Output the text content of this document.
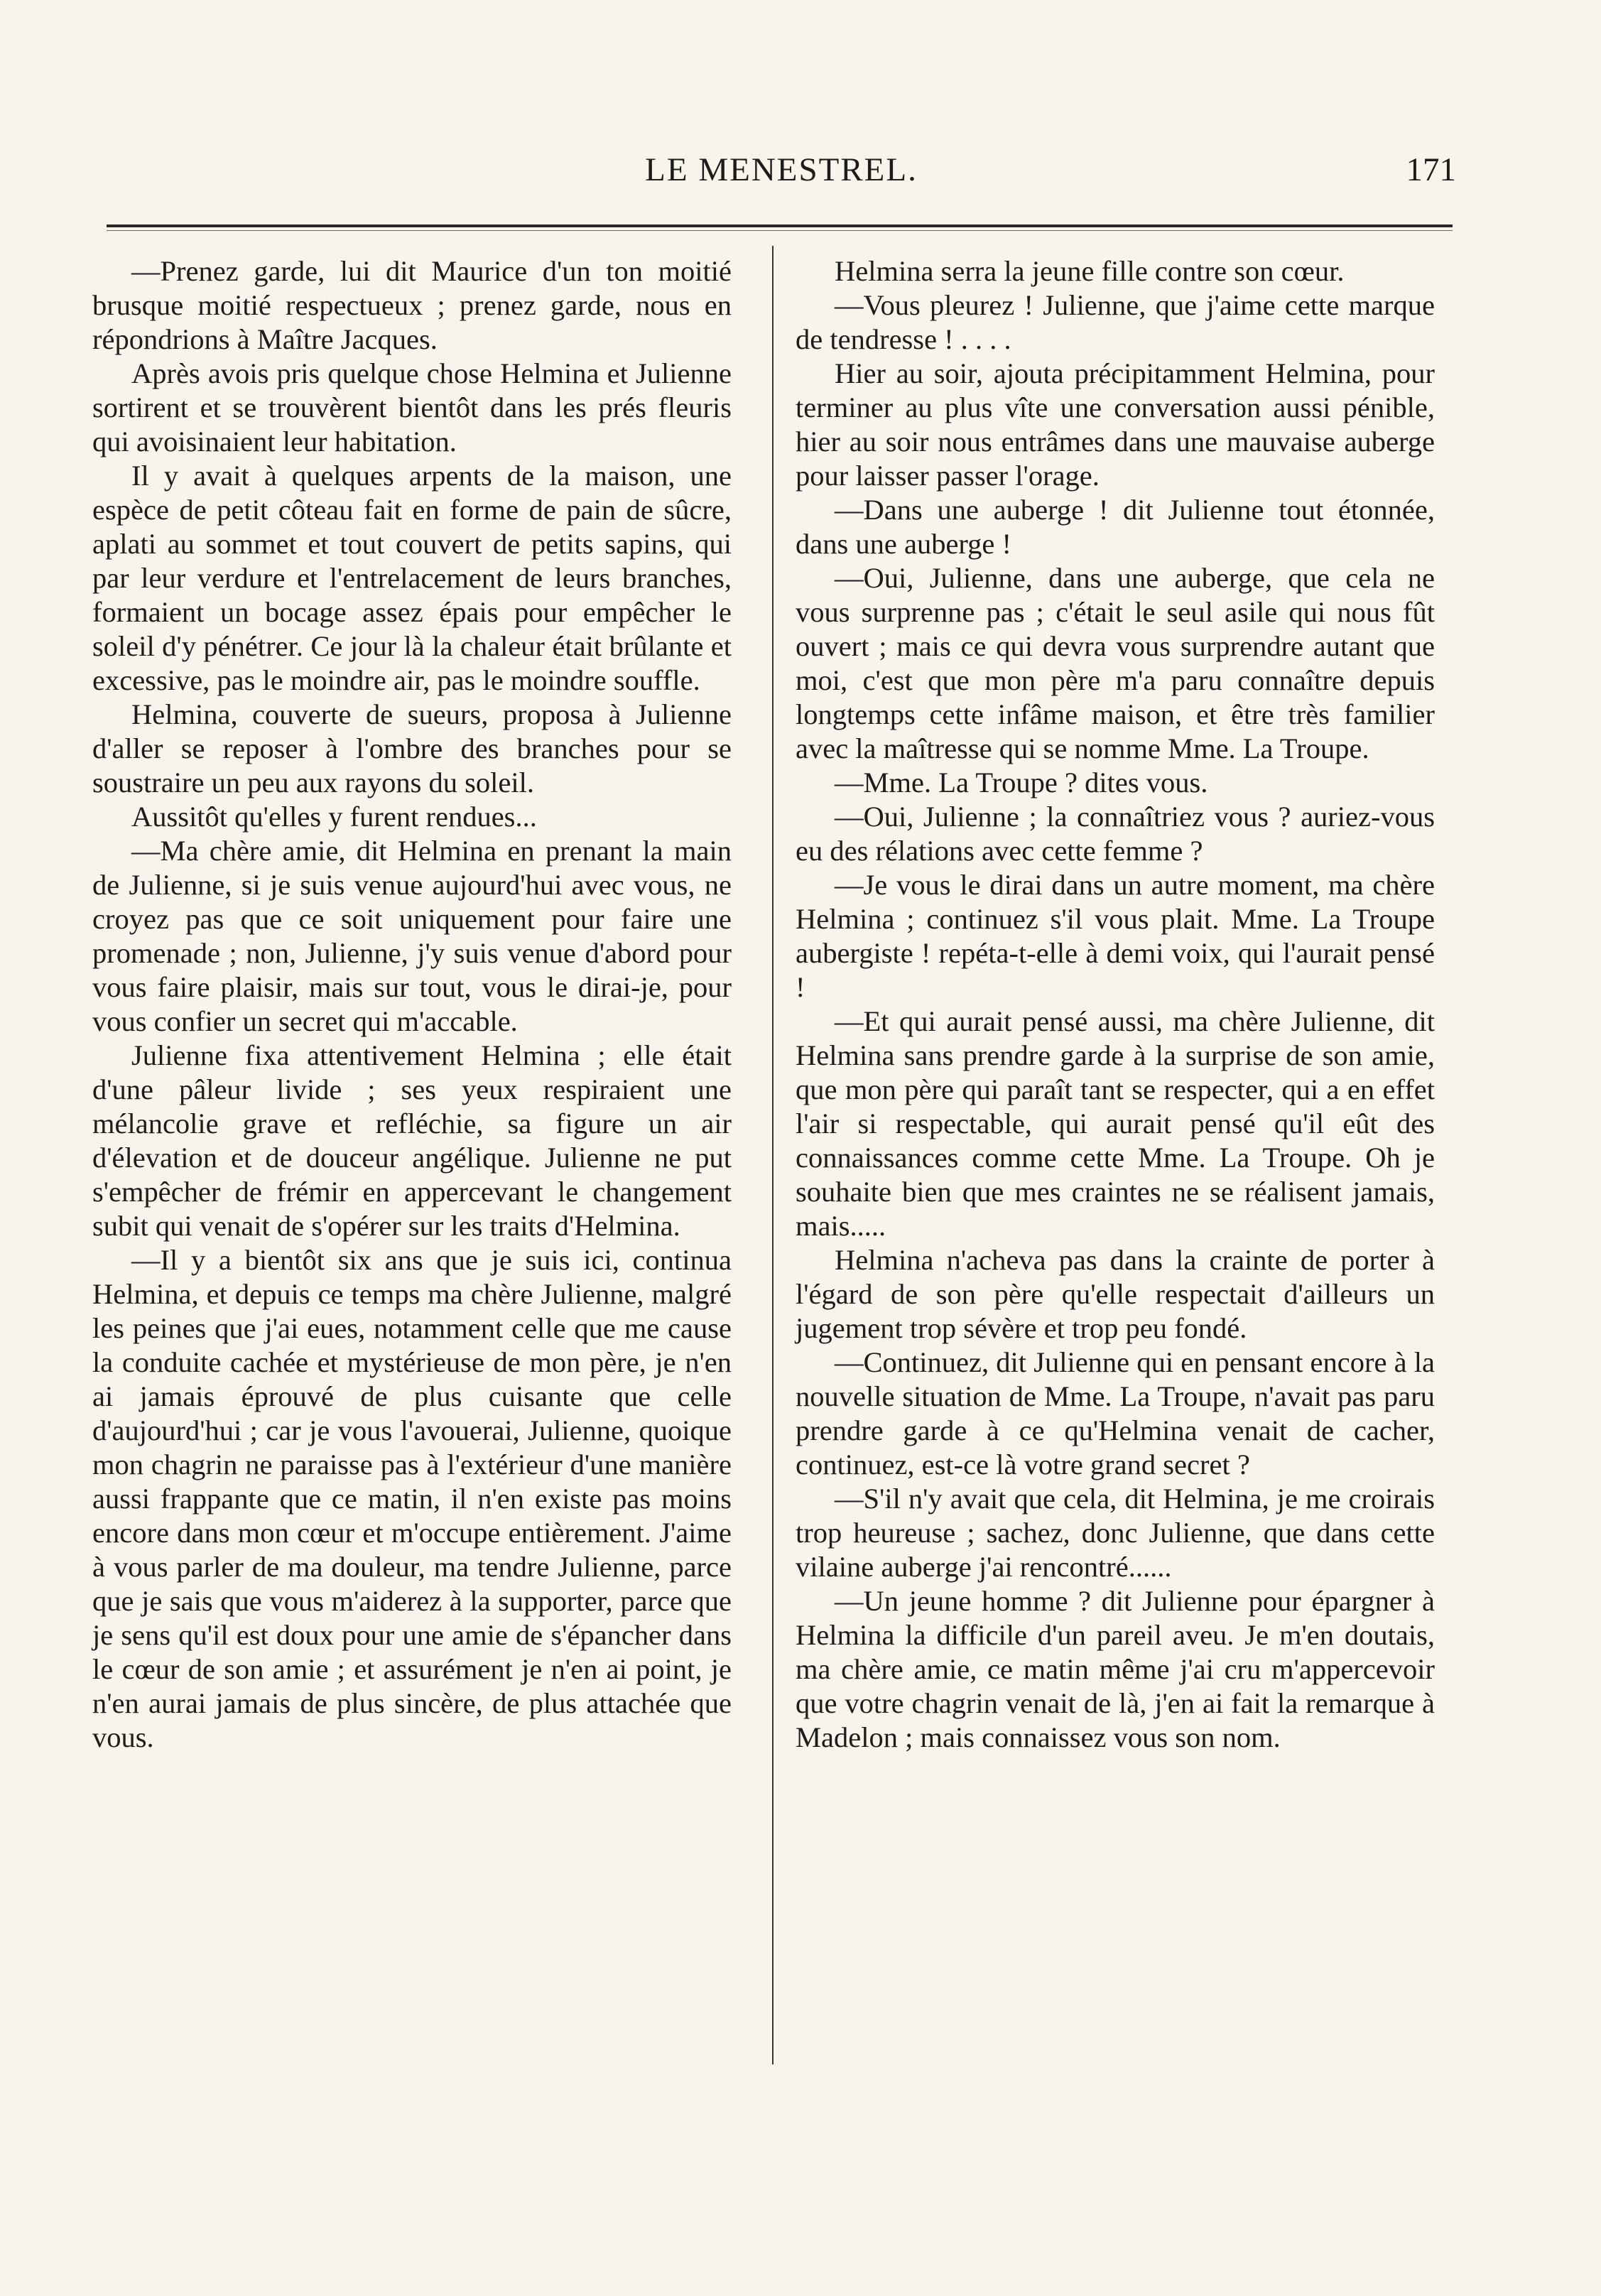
LE MENESTREL.	171

—Prenez garde, lui dit Maurice d'un ton moitié brusque moitié respectueux ; prenez garde, nous en répondrions à Maître Jacques.

Après avois pris quelque chose Helmina et Julienne sortirent et se trouvèrent bientôt dans les prés fleuris qui avoisinaient leur habitation.

Il y avait à quelques arpents de la maison, une espèce de petit côteau fait en forme de pain de sûcre, aplati au sommet et tout couvert de petits sapins, qui par leur verdure et l'entrelacement de leurs branches, formaient un bocage assez épais pour empêcher le soleil d'y pénétrer. Ce jour là la chaleur était brûlante et excessive, pas le moindre air, pas le moindre souffle.

Helmina, couverte de sueurs, proposa à Julienne d'aller se reposer à l'ombre des branches pour se soustraire un peu aux rayons du soleil.

Aussitôt qu'elles y furent rendues...

—Ma chère amie, dit Helmina en prenant la main de Julienne, si je suis venue aujourd'hui avec vous, ne croyez pas que ce soit uniquement pour faire une promenade ; non, Julienne, j'y suis venue d'abord pour vous faire plaisir, mais sur tout, vous le dirai-je, pour vous confier un secret qui m'accable.

Julienne fixa attentivement Helmina ; elle était d'une pâleur livide ; ses yeux respiraient une mélancolie grave et refléchie, sa figure un air d'élevation et de douceur angélique. Julienne ne put s'empêcher de frémir en appercevant le changement subit qui venait de s'opérer sur les traits d'Helmina.

—Il y a bientôt six ans que je suis ici, continua Helmina, et depuis ce temps ma chère Julienne, malgré les peines que j'ai eues, notamment celle que me cause la conduite cachée et mystérieuse de mon père, je n'en ai jamais éprouvé de plus cuisante que celle d'aujourd'hui ; car je vous l'avouerai, Julienne, quoique mon chagrin ne paraisse pas à l'extérieur d'une manière aussi frappante que ce matin, il n'en existe pas moins encore dans mon cœur et m'occupe entièrement. J'aime à vous parler de ma douleur, ma tendre Julienne, parce que je sais que vous m'aiderez à la supporter, parce que je sens qu'il est doux pour une amie de s'épancher dans le cœur de son amie ; et assurément je n'en ai point, je n'en aurai jamais de plus sincère, de plus attachée que vous.

Helmina serra la jeune fille contre son cœur.

—Vous pleurez ! Julienne, que j'aime cette marque de tendresse ! . . . .

Hier au soir, ajouta précipitamment Helmina, pour terminer au plus vîte une conversation aussi pénible, hier au soir nous entrâmes dans une mauvaise auberge pour laisser passer l'orage.

—Dans une auberge ! dit Julienne tout étonnée, dans une auberge !

—Oui, Julienne, dans une auberge, que cela ne vous surprenne pas ; c'était le seul asile qui nous fût ouvert ; mais ce qui devra vous surprendre autant que moi, c'est que mon père m'a paru connaître depuis longtemps cette infâme maison, et être très familier avec la maîtresse qui se nomme Mme. La Troupe.

—Mme. La Troupe ? dites vous.

—Oui, Julienne ; la connaîtriez vous ? auriez-vous eu des rélations avec cette femme ?

—Je vous le dirai dans un autre moment, ma chère Helmina ; continuez s'il vous plait. Mme. La Troupe aubergiste ! repéta-t-elle à demi voix, qui l'aurait pensé !

—Et qui aurait pensé aussi, ma chère Julienne, dit Helmina sans prendre garde à la surprise de son amie, que mon père qui paraît tant se respecter, qui a en effet l'air si respectable, qui aurait pensé qu'il eût des connaissances comme cette Mme. La Troupe. Oh je souhaite bien que mes craintes ne se réalisent jamais, mais.....

Helmina n'acheva pas dans la crainte de porter à l'égard de son père qu'elle respectait d'ailleurs un jugement trop sévère et trop peu fondé.

—Continuez, dit Julienne qui en pensant encore à la nouvelle situation de Mme. La Troupe, n'avait pas paru prendre garde à ce qu'Helmina venait de cacher, continuez, est-ce là votre grand secret ?

—S'il n'y avait que cela, dit Helmina, je me croirais trop heureuse ; sachez, donc Julienne, que dans cette vilaine auberge j'ai rencontré......

—Un jeune homme ? dit Julienne pour épargner à Helmina la difficile d'un pareil aveu. Je m'en doutais, ma chère amie, ce matin même j'ai cru m'appercevoir que votre chagrin venait de là, j'en ai fait la remarque à Madelon ; mais connaissez vous son nom.
